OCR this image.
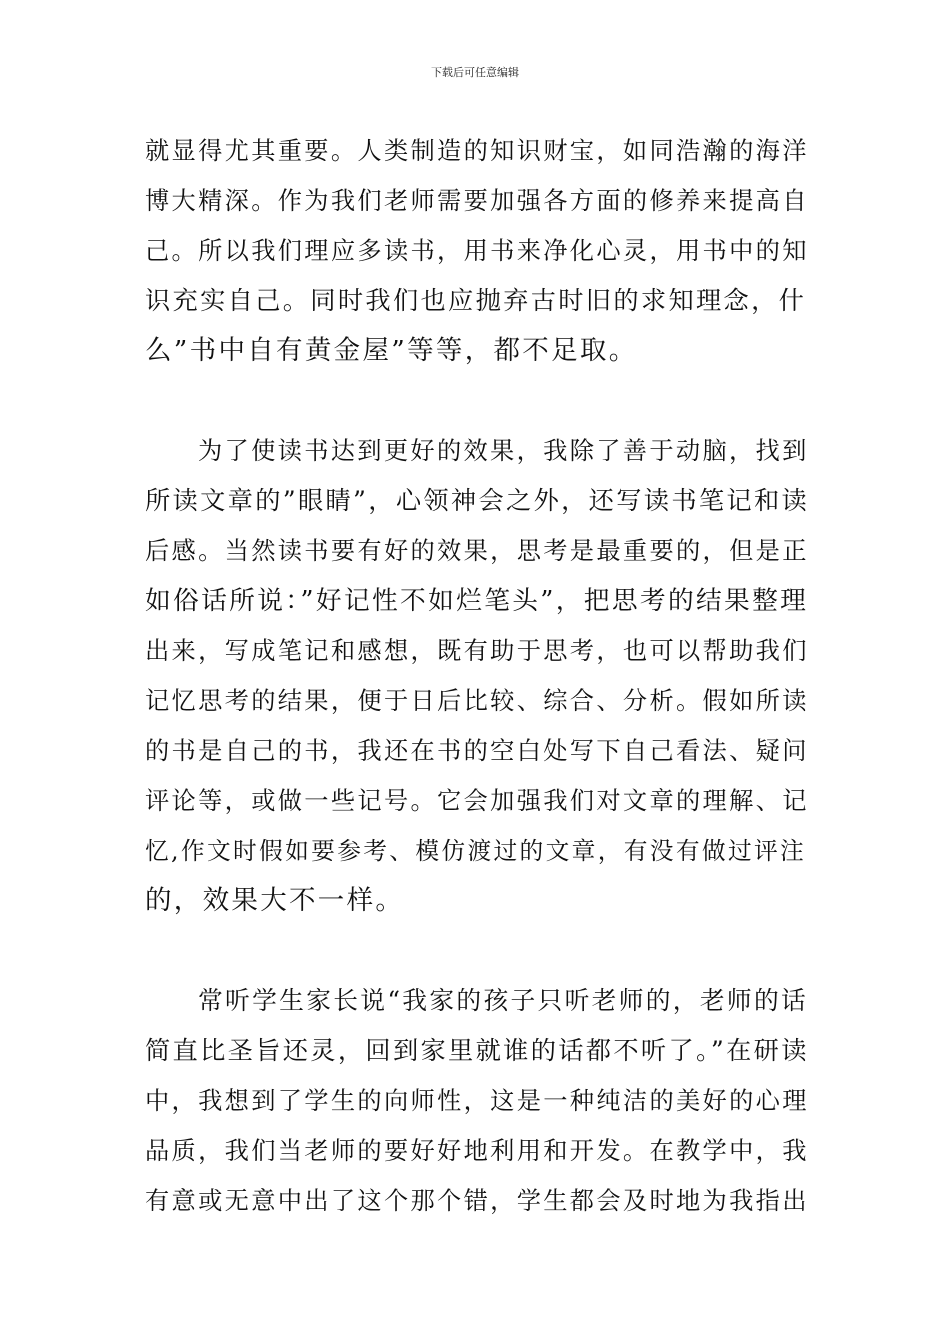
下载后可任意编辑

就显得尤其重要。人类制造的知识财宝，如同浩瀚的海洋
博大精深。作为我们老师需要加强各方面的修养来提高自
己。所以我们理应多读书，用书来净化心灵，用书中的知
识充实自己。同时我们也应抛弃古时旧的求知理念，什
么”书中自有黄金屋”等等，都不足取。

为了使读书达到更好的效果，我除了善于动脑，找到
所读文章的”眼睛”，心领神会之外，还写读书笔记和读
后感。当然读书要有好的效果，思考是最重要的，但是正
如俗话所说：”好记性不如烂笔头”，把思考的结果整理
出来，写成笔记和感想，既有助于思考，也可以帮助我们
记忆思考的结果，便于日后比较、综合、分析。假如所读
的书是自己的书，我还在书的空白处写下自己看法、疑问
评论等，或做一些记号。它会加强我们对文章的理解、记
忆,作文时假如要参考、模仿渡过的文章，有没有做过评注
的，效果大不一样。

常听学生家长说“我家的孩子只听老师的，老师的话
简直比圣旨还灵，回到家里就谁的话都不听了。”在研读
中，我想到了学生的向师性，这是一种纯洁的美好的心理
品质，我们当老师的要好好地利用和开发。在教学中，我
有意或无意中出了这个那个错，学生都会及时地为我指出
